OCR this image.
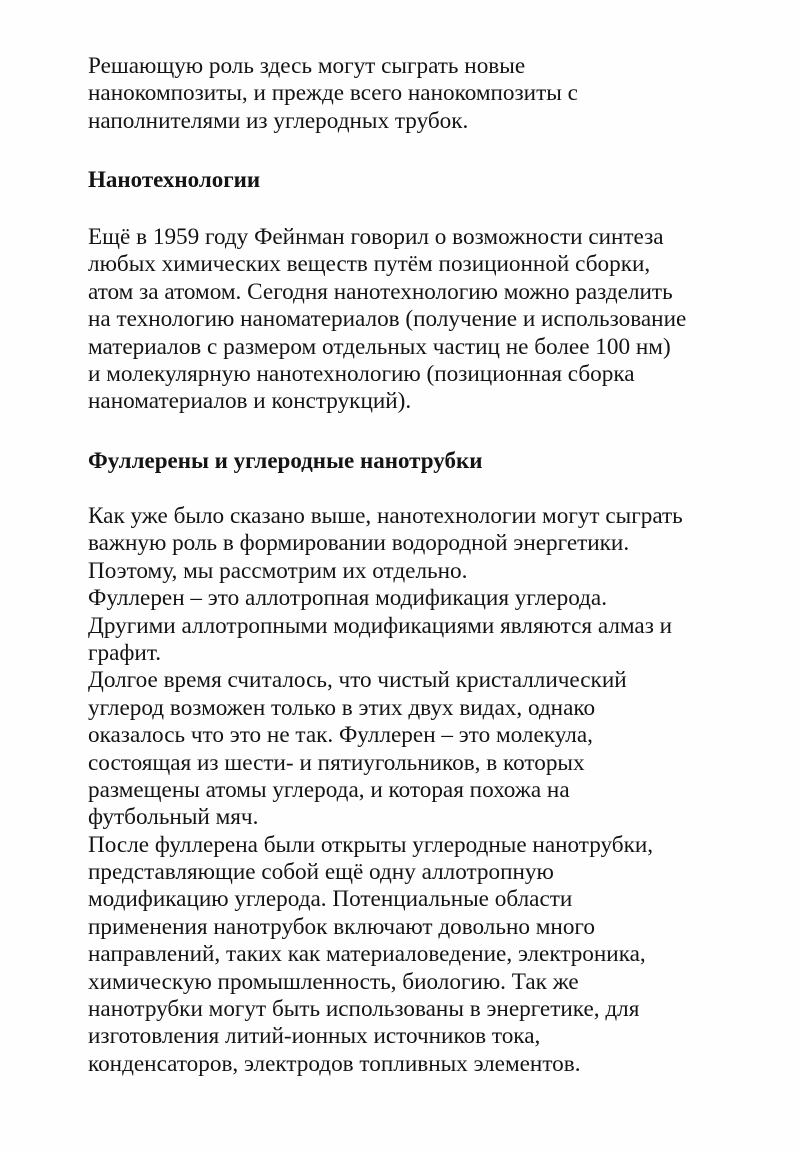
Решающую роль здесь могут сыграть новые
нанокомпозиты, и прежде всего нанокомпозиты с
наполнителями из углеродных трубок.
Нанотехнологии
Ещё в 1959 году Фейнман говорил о возможности синтеза
любых химических веществ путём позиционной сборки,
атом за атомом. Сегодня нанотехнологию можно разделить
на технологию наноматериалов (получение и использование
материалов с размером отдельных частиц не более 100 нм)
и молекулярную нанотехнологию (позиционная сборка
наноматериалов и конструкций).
Фуллерены и углеродные нанотрубки
Как уже было сказано выше, нанотехнологии могут сыграть
важную роль в формировании водородной энергетики.
Поэтому, мы рассмотрим их отдельно.
Фуллерен – это аллотропная модификация углерода.
Другими аллотропными модификациями являются алмаз и
графит.
Долгое время считалось, что чистый кристаллический
углерод возможен только в этих двух видах, однако
оказалось что это не так. Фуллерен – это молекула,
состоящая из шести- и пятиугольников, в которых
размещены атомы углерода, и которая похожа на
футбольный мяч.
После фуллерена были открыты углеродные нанотрубки,
представляющие собой ещё одну аллотропную
модификацию углерода. Потенциальные области
применения нанотрубок включают довольно много
направлений, таких как материаловедение, электроника,
химическую промышленность, биологию. Так же
нанотрубки могут быть использованы в энергетике, для
изготовления литий-ионных источников тока,
конденсаторов, электродов топливных элементов.
